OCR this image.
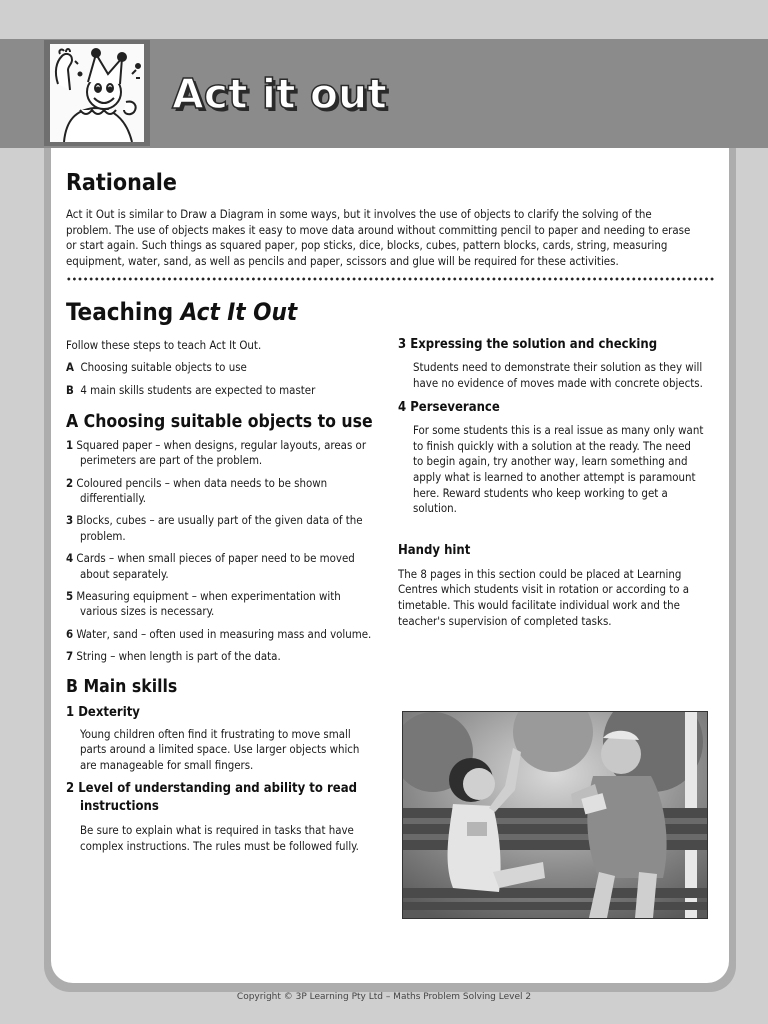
Act it out
Rationale
Act it Out is similar to Draw a Diagram in some ways, but it involves the use of objects to clarify the solving of the
problem. The use of objects makes it easy to move data around without committing pencil to paper and needing to erase
or start again. Such things as squared paper, pop sticks, dice, blocks, cubes, pattern blocks, cards, string, measuring
equipment, water, sand, as well as pencils and paper, scissors and glue will be required for these activities.
Teaching Act It Out
Follow these steps to teach Act It Out.
A Choosing suitable objects to use
B 4 main skills students are expected to master
A Choosing suitable objects to use
1 Squared paper – when designs, regular layouts, areas or
perimeters are part of the problem.
2 Coloured pencils – when data needs to be shown
differentially.
3 Blocks, cubes – are usually part of the given data of the
problem.
4 Cards – when small pieces of paper need to be moved
about separately.
5 Measuring equipment – when experimentation with
various sizes is necessary.
6 Water, sand – often used in measuring mass and volume.
7 String – when length is part of the data.
B Main skills
1 Dexterity
Young children often find it frustrating to move small
parts around a limited space. Use larger objects which
are manageable for small fingers.
2 Level of understanding and ability to read
instructions
Be sure to explain what is required in tasks that have
complex instructions. The rules must be followed fully.
3 Expressing the solution and checking
Students need to demonstrate their solution as they will
have no evidence of moves made with concrete objects.
4 Perseverance
For some students this is a real issue as many only want
to finish quickly with a solution at the ready. The need
to begin again, try another way, learn something and
apply what is learned to another attempt is paramount
here. Reward students who keep working to get a
solution.
Handy hint
The 8 pages in this section could be placed at Learning
Centres which students visit in rotation or according to a
timetable. This would facilitate individual work and the
teacher's supervision of completed tasks.
Copyright © 3P Learning Pty Ltd – Maths Problem Solving Level 2
